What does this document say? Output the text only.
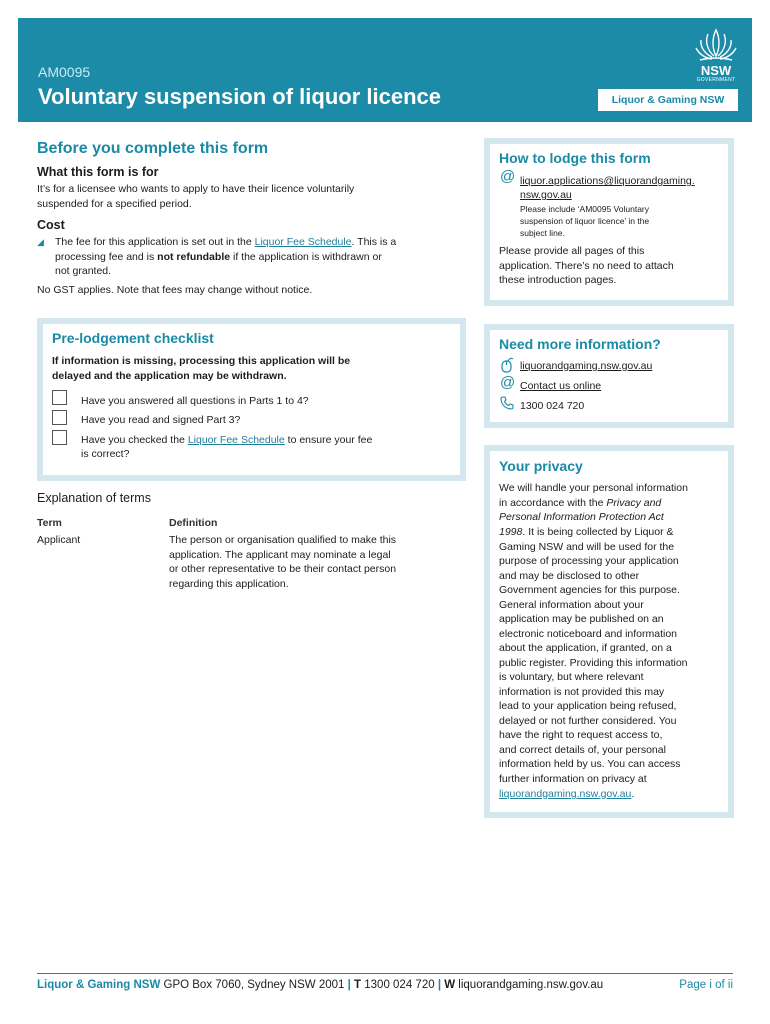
AM0095
Voluntary suspension of liquor licence	Liquor & Gaming NSW
NSW
GOVERNMENT
Before you complete this form
What this form is for
It’s for a licensee who wants to apply to have their licence voluntarily
suspended for a specified period.
Cost
◢ The fee for this application is set out in the Liquor Fee Schedule. This is a
processing fee and is not refundable if the application is withdrawn or
not granted.
No GST applies. Note that fees may change without notice.
Pre-lodgement checklist
If information is missing, processing this application will be
delayed and the application may be withdrawn.
Have you answered all questions in Parts 1 to 4?
Have you read and signed Part 3?
Have you checked the Liquor Fee Schedule to ensure your fee
is correct?
Explanation of terms
Term	Definition
Applicant	The person or organisation qualified to make this
application. The applicant may nominate a legal
or other representative to be their contact person
regarding this application.
How to lodge this form
@ liquor.applications@liquorandgaming.
nsw.gov.au
Please include ‘AM0095 Voluntary
suspension of liquor licence’ in the
subject line.
Please provide all pages of this
application. There’s no need to attach
these introduction pages.
Need more information?
liquorandgaming.nsw.gov.au
@ Contact us online
1300 024 720
Your privacy
We will handle your personal information
in accordance with the Privacy and
Personal Information Protection Act
1998. It is being collected by Liquor &
Gaming NSW and will be used for the
purpose of processing your application
and may be disclosed to other
Government agencies for this purpose.
General information about your
application may be published on an
electronic noticeboard and information
about the application, if granted, on a
public register. Providing this information
is voluntary, but where relevant
information is not provided this may
lead to your application being refused,
delayed or not further considered. You
have the right to request access to,
and correct details of, your personal
information held by us. You can access
further information on privacy at
liquorandgaming.nsw.gov.au.
Liquor & Gaming NSW GPO Box 7060, Sydney NSW 2001 | T 1300 024 720 | W liquorandgaming.nsw.gov.au	Page i of ii
